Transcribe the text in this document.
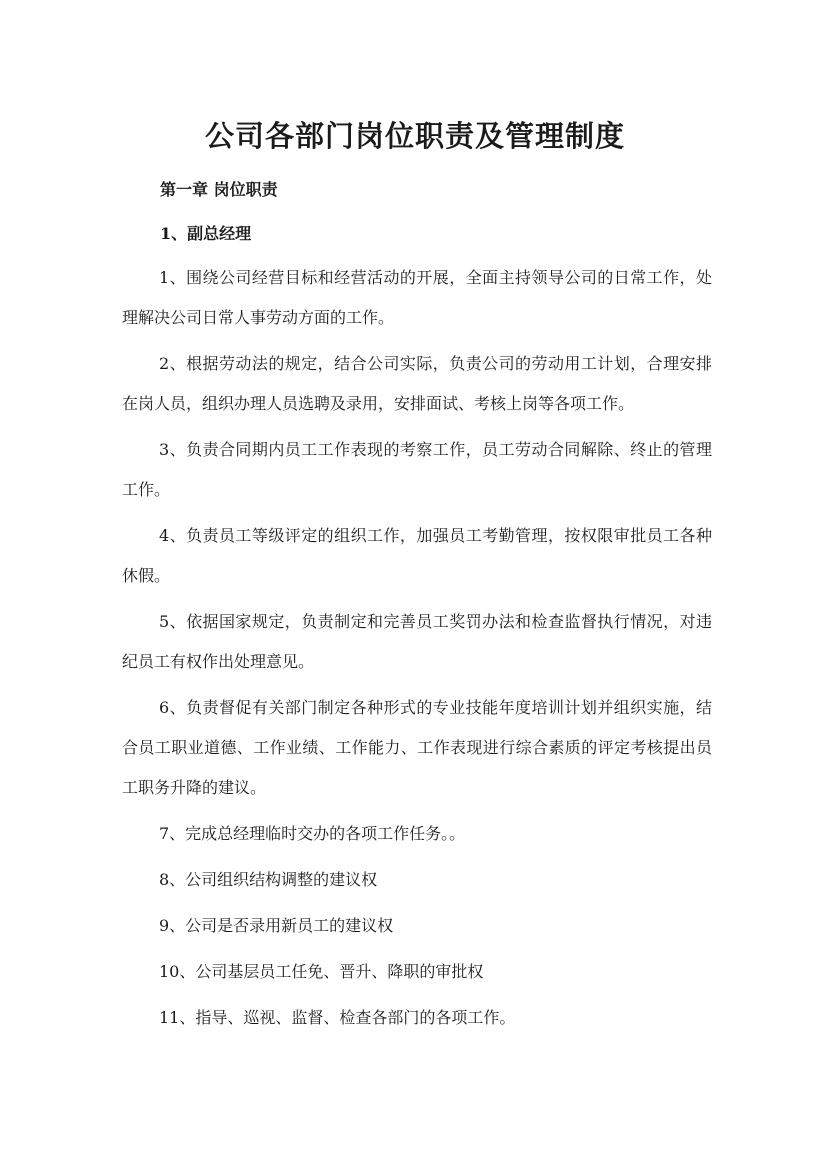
公司各部门岗位职责及管理制度

第一章 岗位职责

1、副总经理

1、围绕公司经营目标和经营活动的开展，全面主持领导公司的日常工作，处理解决公司日常人事劳动方面的工作。
2、根据劳动法的规定，结合公司实际，负责公司的劳动用工计划，合理安排在岗人员，组织办理人员选聘及录用，安排面试、考核上岗等各项工作。
3、负责合同期内员工工作表现的考察工作，员工劳动合同解除、终止的管理工作。
4、负责员工等级评定的组织工作，加强员工考勤管理，按权限审批员工各种休假。
5、依据国家规定，负责制定和完善员工奖罚办法和检查监督执行情况，对违纪员工有权作出处理意见。
6、负责督促有关部门制定各种形式的专业技能年度培训计划并组织实施，结合员工职业道德、工作业绩、工作能力、工作表现进行综合素质的评定考核提出员工职务升降的建议。
7、完成总经理临时交办的各项工作任务。。
8、公司组织结构调整的建议权
9、公司是否录用新员工的建议权
10、公司基层员工任免、晋升、降职的审批权
11、指导、巡视、监督、检查各部门的各项工作。
